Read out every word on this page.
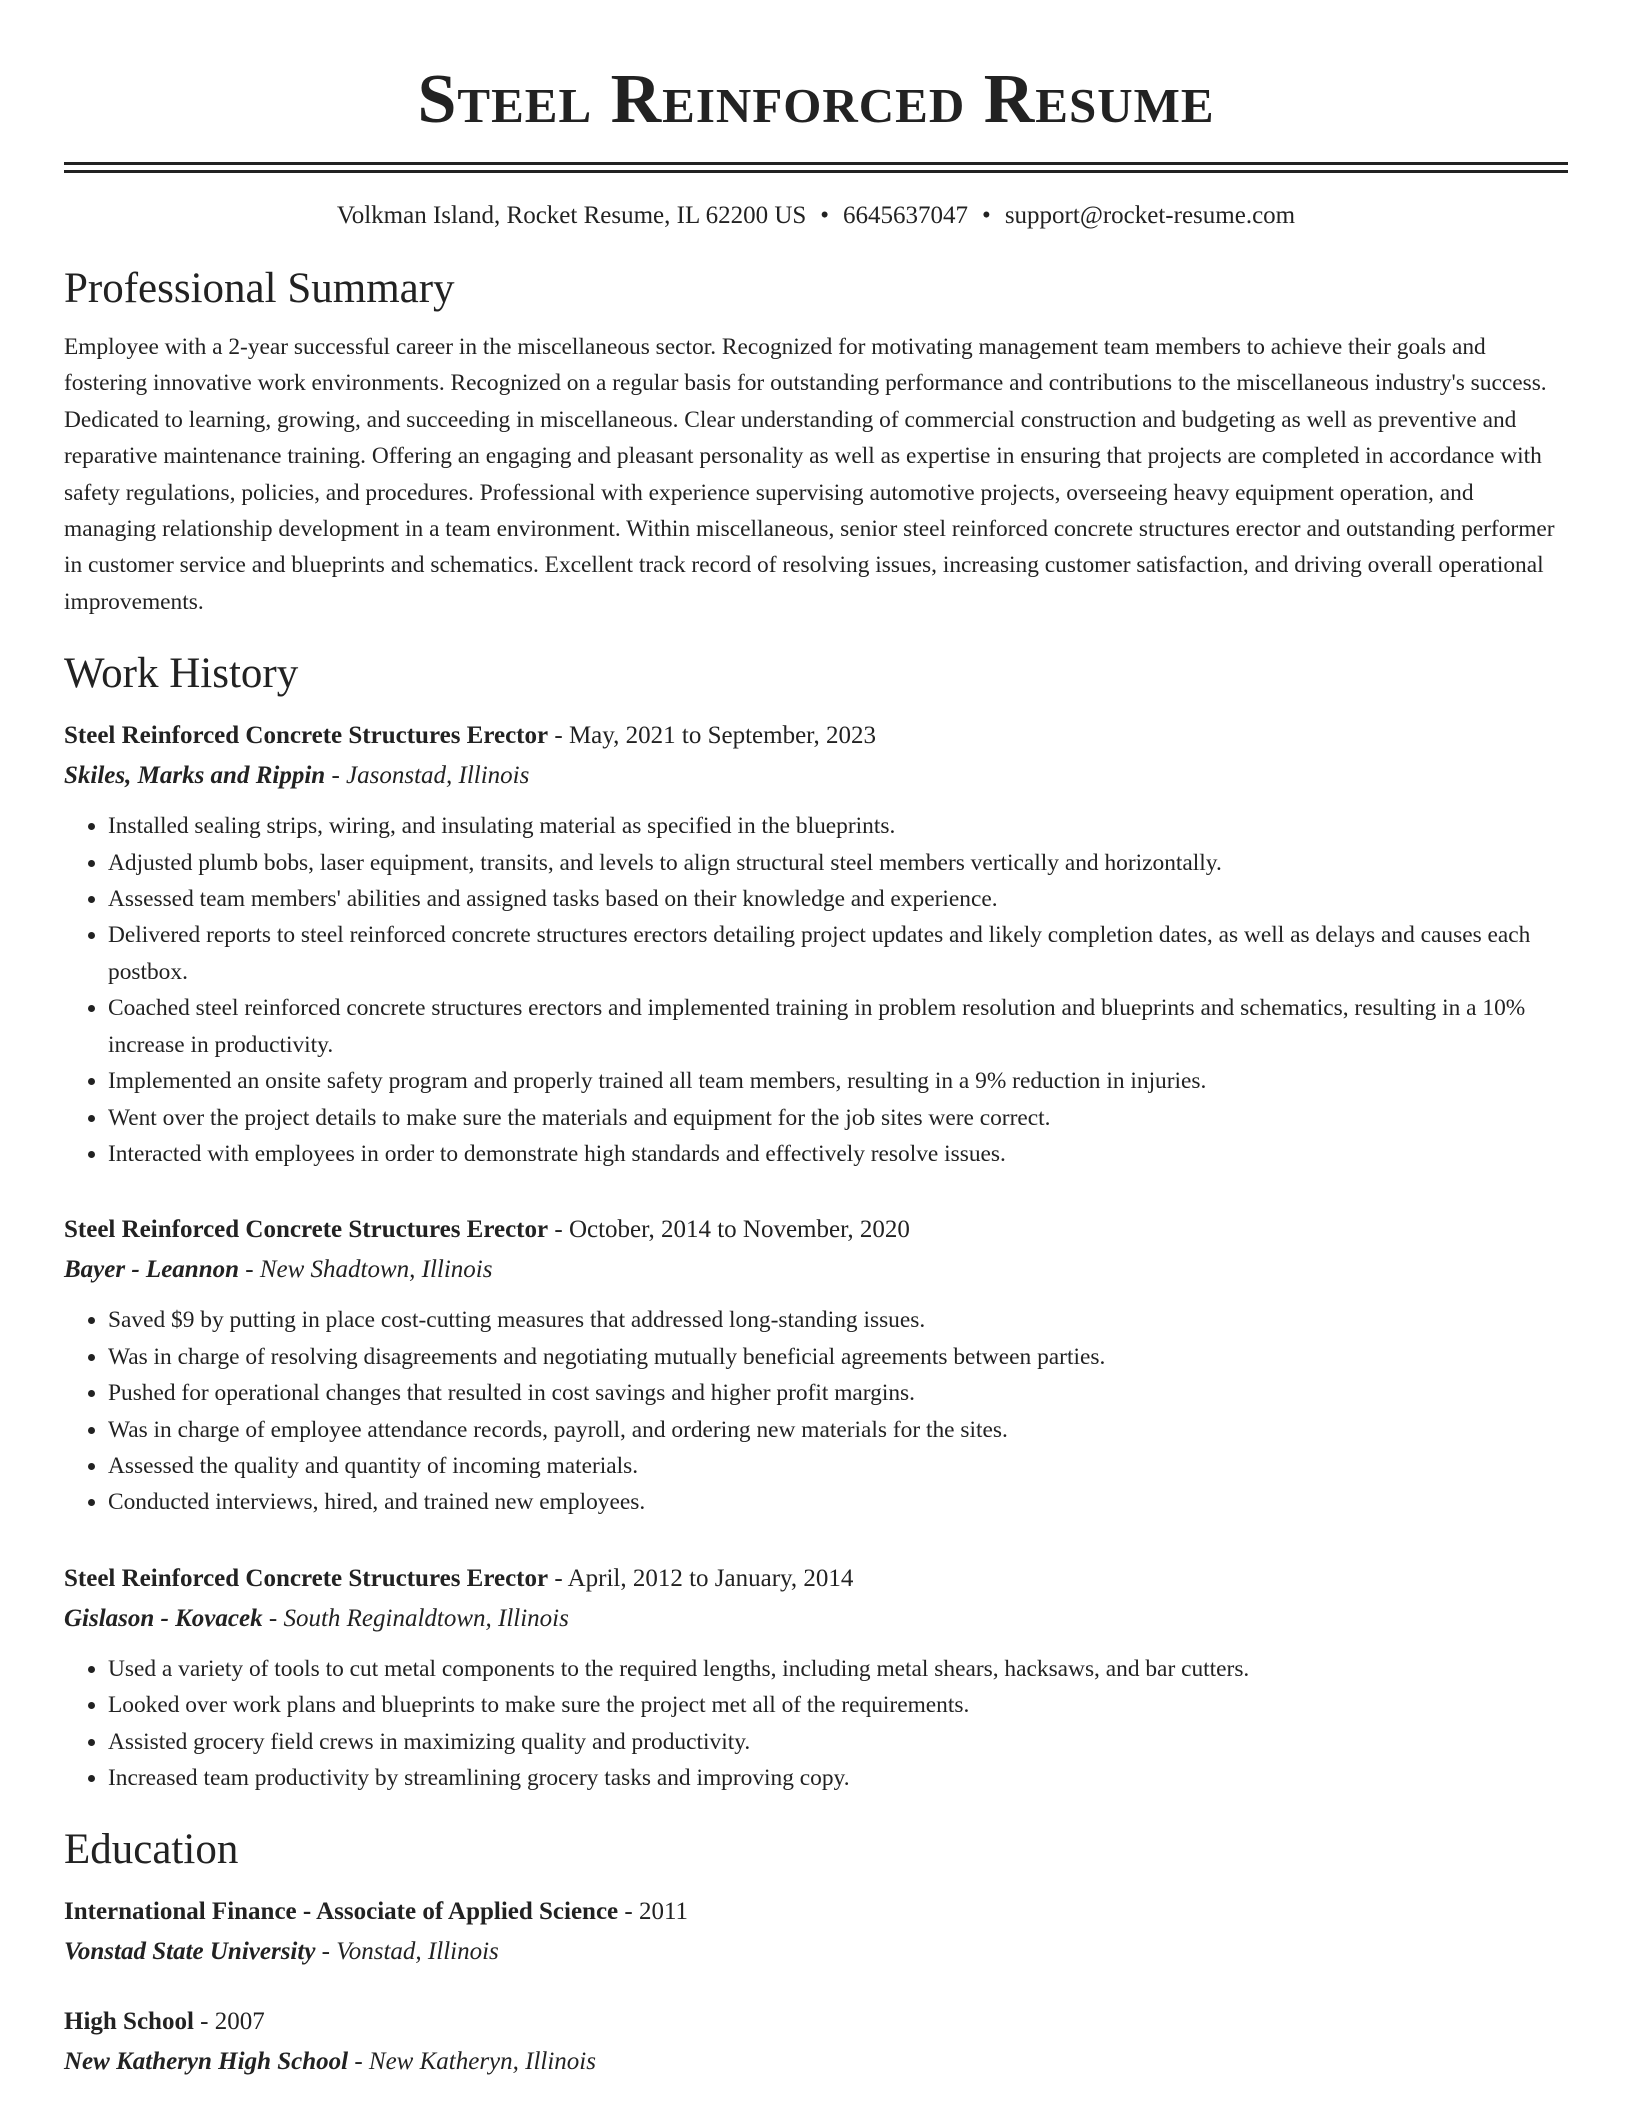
Steel Reinforced Resume
Volkman Island, Rocket Resume, IL 62200 US • 6645637047 • support@rocket-resume.com
Professional Summary

Employee with a 2-year successful career in the miscellaneous sector. Recognized for motivating management team members to achieve their goals and fostering innovative work environments. Recognized on a regular basis for outstanding performance and contributions to the miscellaneous industry's success. Dedicated to learning, growing, and succeeding in miscellaneous. Clear understanding of commercial construction and budgeting as well as preventive and reparative maintenance training. Offering an engaging and pleasant personality as well as expertise in ensuring that projects are completed in accordance with safety regulations, policies, and procedures. Professional with experience supervising automotive projects, overseeing heavy equipment operation, and managing relationship development in a team environment. Within miscellaneous, senior steel reinforced concrete structures erector and outstanding performer in customer service and blueprints and schematics. Excellent track record of resolving issues, increasing customer satisfaction, and driving overall operational improvements.

Work History
Steel Reinforced Concrete Structures Erector - May, 2021 to September, 2023
Skiles, Marks and Rippin - Jasonstad, Illinois
• Installed sealing strips, wiring, and insulating material as specified in the blueprints.
• Adjusted plumb bobs, laser equipment, transits, and levels to align structural steel members vertically and horizontally.
• Assessed team members' abilities and assigned tasks based on their knowledge and experience.
• Delivered reports to steel reinforced concrete structures erectors detailing project updates and likely completion dates, as well as delays and causes each postbox.
• Coached steel reinforced concrete structures erectors and implemented training in problem resolution and blueprints and schematics, resulting in a 10% increase in productivity.
• Implemented an onsite safety program and properly trained all team members, resulting in a 9% reduction in injuries.
• Went over the project details to make sure the materials and equipment for the job sites were correct.
• Interacted with employees in order to demonstrate high standards and effectively resolve issues.
Steel Reinforced Concrete Structures Erector - October, 2014 to November, 2020
Bayer - Leannon - New Shadtown, Illinois
• Saved $9 by putting in place cost-cutting measures that addressed long-standing issues.
• Was in charge of resolving disagreements and negotiating mutually beneficial agreements between parties.
• Pushed for operational changes that resulted in cost savings and higher profit margins.
• Was in charge of employee attendance records, payroll, and ordering new materials for the sites.
• Assessed the quality and quantity of incoming materials.
• Conducted interviews, hired, and trained new employees.
Steel Reinforced Concrete Structures Erector - April, 2012 to January, 2014
Gislason - Kovacek - South Reginaldtown, Illinois
• Used a variety of tools to cut metal components to the required lengths, including metal shears, hacksaws, and bar cutters.
• Looked over work plans and blueprints to make sure the project met all of the requirements.
• Assisted grocery field crews in maximizing quality and productivity.
• Increased team productivity by streamlining grocery tasks and improving copy.
Education
International Finance - Associate of Applied Science - 2011
Vonstad State University - Vonstad, Illinois
High School - 2007
New Katheryn High School - New Katheryn, Illinois
